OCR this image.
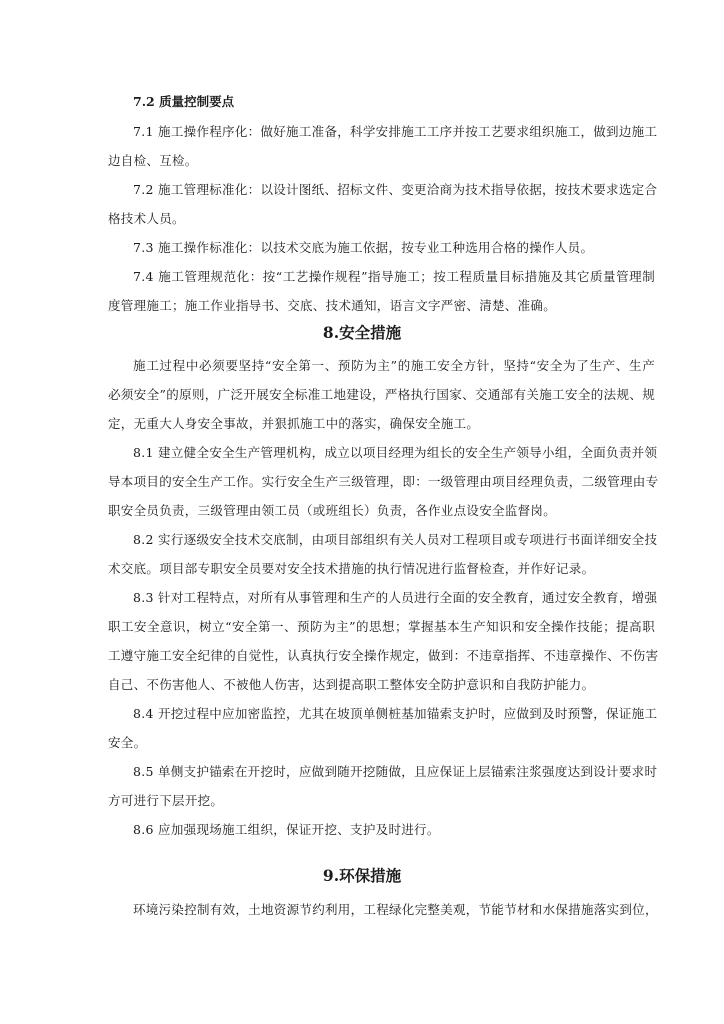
7.2 质量控制要点
7.1 施工操作程序化：做好施工准备，科学安排施工工序并按工艺要求组织施工，做到边施工
边自检、互检。
7.2 施工管理标准化：以设计图纸、招标文件、变更洽商为技术指导依据，按技术要求选定合
格技术人员。
7.3 施工操作标准化：以技术交底为施工依据，按专业工种选用合格的操作人员。
7.4 施工管理规范化：按“工艺操作规程”指导施工；按工程质量目标措施及其它质量管理制
度管理施工；施工作业指导书、交底、技术通知，语言文字严密、清楚、准确。
8.安全措施
施工过程中必须要坚持“安全第一、预防为主”的施工安全方针，坚持“安全为了生产、生产
必须安全”的原则，广泛开展安全标准工地建设，严格执行国家、交通部有关施工安全的法规、规
定，无重大人身安全事故，并狠抓施工中的落实，确保安全施工。
8.1 建立健全安全生产管理机构，成立以项目经理为组长的安全生产领导小组，全面负责并领
导本项目的安全生产工作。实行安全生产三级管理，即：一级管理由项目经理负责，二级管理由专
职安全员负责，三级管理由领工员（或班组长）负责，各作业点设安全监督岗。
8.2 实行逐级安全技术交底制，由项目部组织有关人员对工程项目或专项进行书面详细安全技
术交底。项目部专职安全员要对安全技术措施的执行情况进行监督检查，并作好记录。
8.3 针对工程特点，对所有从事管理和生产的人员进行全面的安全教育，通过安全教育，增强
职工安全意识，树立“安全第一、预防为主”的思想；掌握基本生产知识和安全操作技能；提高职
工遵守施工安全纪律的自觉性，认真执行安全操作规定，做到：不违章指挥、不违章操作、不伤害
自己、不伤害他人、不被他人伤害，达到提高职工整体安全防护意识和自我防护能力。
8.4 开挖过程中应加密监控，尤其在坡顶单侧桩基加锚索支护时，应做到及时预警，保证施工
安全。
8.5 单侧支护锚索在开挖时，应做到随开挖随做，且应保证上层锚索注浆强度达到设计要求时
方可进行下层开挖。
8.6 应加强现场施工组织，保证开挖、支护及时进行。
9.环保措施
环境污染控制有效，土地资源节约利用，工程绿化完整美观，节能节材和水保措施落实到位，
